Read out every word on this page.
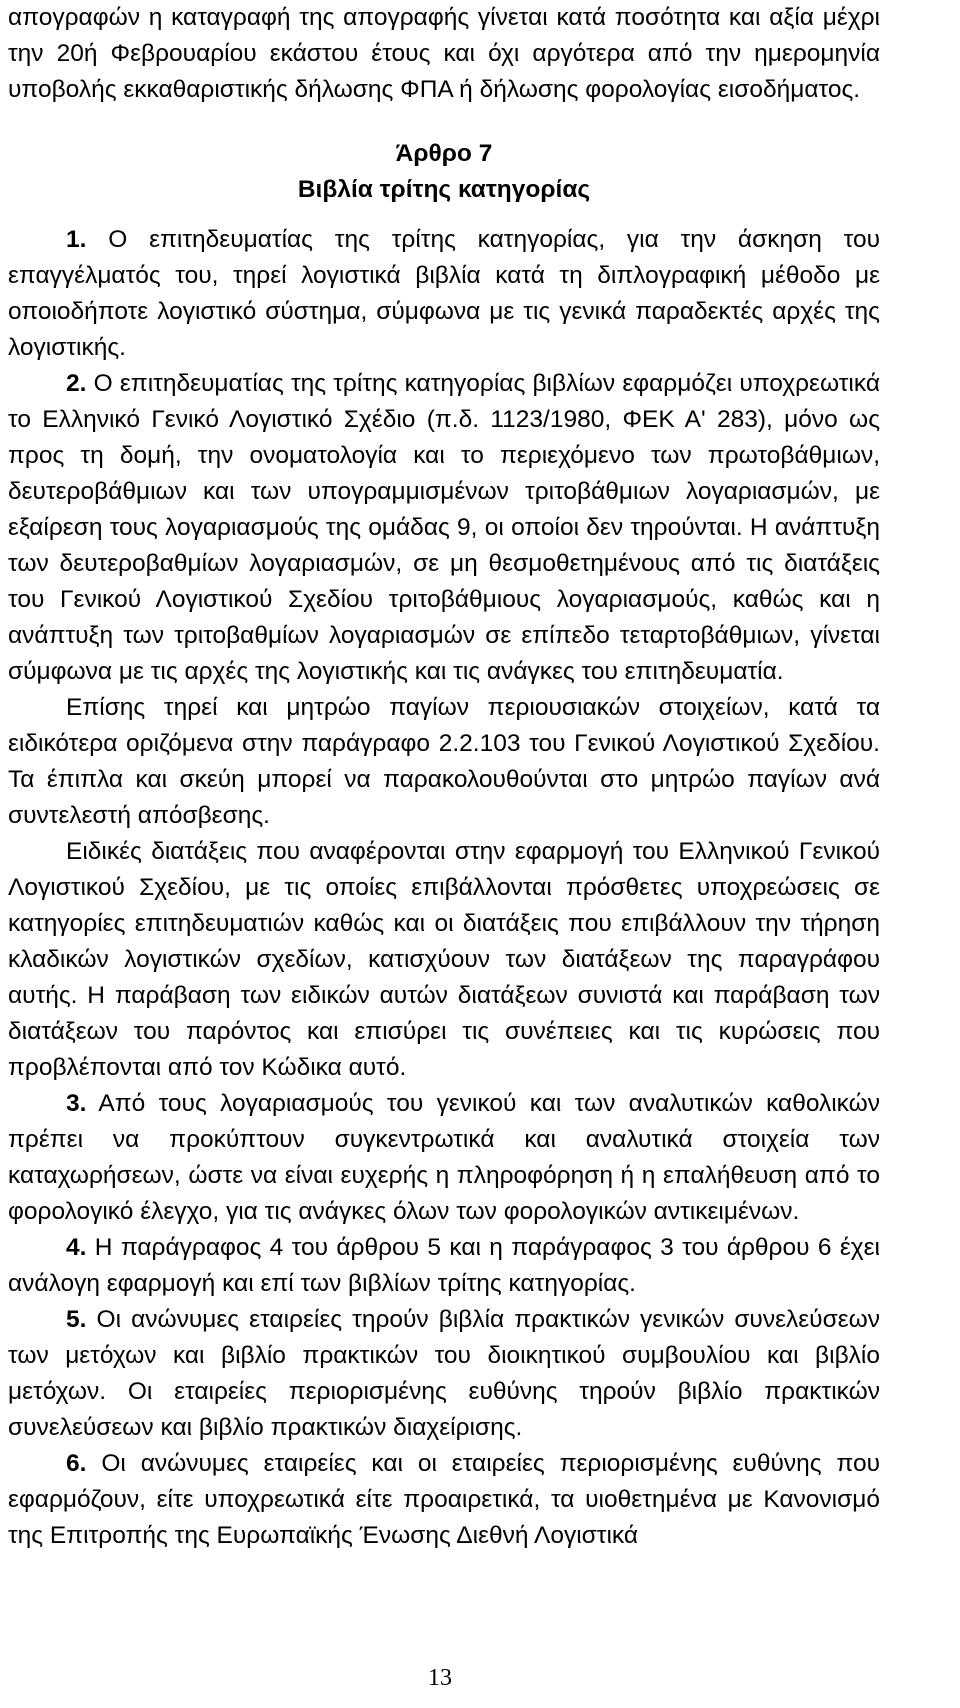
απογραφών η καταγραφή της απογραφής γίνεται κατά ποσότητα και αξία μέχρι την 20ή Φεβρουαρίου εκάστου έτους και όχι αργότερα από την ημερομηνία υποβολής εκκαθαριστικής δήλωσης ΦΠΑ ή δήλωσης φορολογίας εισοδήματος.

Άρθρο 7

Βιβλία τρίτης κατηγορίας

1. Ο επιτηδευματίας της τρίτης κατηγορίας, για την άσκηση του επαγγέλματός του, τηρεί λογιστικά βιβλία κατά τη διπλογραφική μέθοδο με οποιοδήποτε λογιστικό σύστημα, σύμφωνα με τις γενικά παραδεκτές αρχές της λογιστικής.

2. Ο επιτηδευματίας της τρίτης κατηγορίας βιβλίων εφαρμόζει υποχρεωτικά το Ελληνικό Γενικό Λογιστικό Σχέδιο (π.δ. 1123/1980, ΦΕΚ Α' 283), μόνο ως προς τη δομή, την ονοματολογία και το περιεχόμενο των πρωτοβάθμιων, δευτεροβάθμιων και των υπογραμμισμένων τριτοβάθμιων λογαριασμών, με εξαίρεση τους λογαριασμούς της ομάδας 9, οι οποίοι δεν τηρούνται. Η ανάπτυξη των δευτεροβαθμίων λογαριασμών, σε μη θεσμοθετημένους από τις διατάξεις του Γενικού Λογιστικού Σχεδίου τριτοβάθμιους λογαριασμούς, καθώς και η ανάπτυξη των τριτοβαθμίων λογαριασμών σε επίπεδο τεταρτοβάθμιων, γίνεται σύμφωνα με τις αρχές της λογιστικής και τις ανάγκες του επιτηδευματία.

Επίσης τηρεί και μητρώο παγίων περιουσιακών στοιχείων, κατά τα ειδικότερα οριζόμενα στην παράγραφο 2.2.103 του Γενικού Λογιστικού Σχεδίου. Τα έπιπλα και σκεύη μπορεί να παρακολουθούνται στο μητρώο παγίων ανά συντελεστή απόσβεσης.

Ειδικές διατάξεις που αναφέρονται στην εφαρμογή του Ελληνικού Γενικού Λογιστικού Σχεδίου, με τις οποίες επιβάλλονται πρόσθετες υποχρεώσεις σε κατηγορίες επιτηδευματιών καθώς και οι διατάξεις που επιβάλλουν την τήρηση κλαδικών λογιστικών σχεδίων, κατισχύουν των διατάξεων της παραγράφου αυτής. Η παράβαση των ειδικών αυτών διατάξεων συνιστά και παράβαση των διατάξεων του παρόντος και επισύρει τις συνέπειες και τις κυρώσεις που προβλέπονται από τον Κώδικα αυτό.

3. Από τους λογαριασμούς του γενικού και των αναλυτικών καθολικών πρέπει να προκύπτουν συγκεντρωτικά και αναλυτικά στοιχεία των καταχωρήσεων, ώστε να είναι ευχερής η πληροφόρηση ή η επαλήθευση από το φορολογικό έλεγχο, για τις ανάγκες όλων των φορολογικών αντικειμένων.

4. Η παράγραφος 4 του άρθρου 5 και η παράγραφος 3 του άρθρου 6 έχει ανάλογη εφαρμογή και επί των βιβλίων τρίτης κατηγορίας.

5. Οι ανώνυμες εταιρείες τηρούν βιβλία πρακτικών γενικών συνελεύσεων των μετόχων και βιβλίο πρακτικών του διοικητικού συμβουλίου και βιβλίο μετόχων. Οι εταιρείες περιορισμένης ευθύνης τηρούν βιβλίο πρακτικών συνελεύσεων και βιβλίο πρακτικών διαχείρισης.

6. Οι ανώνυμες εταιρείες και οι εταιρείες περιορισμένης ευθύνης που εφαρμόζουν, είτε υποχρεωτικά είτε προαιρετικά, τα υιοθετημένα με Κανονισμό της Επιτροπής της Ευρωπαϊκής Ένωσης Διεθνή Λογιστικά

13
